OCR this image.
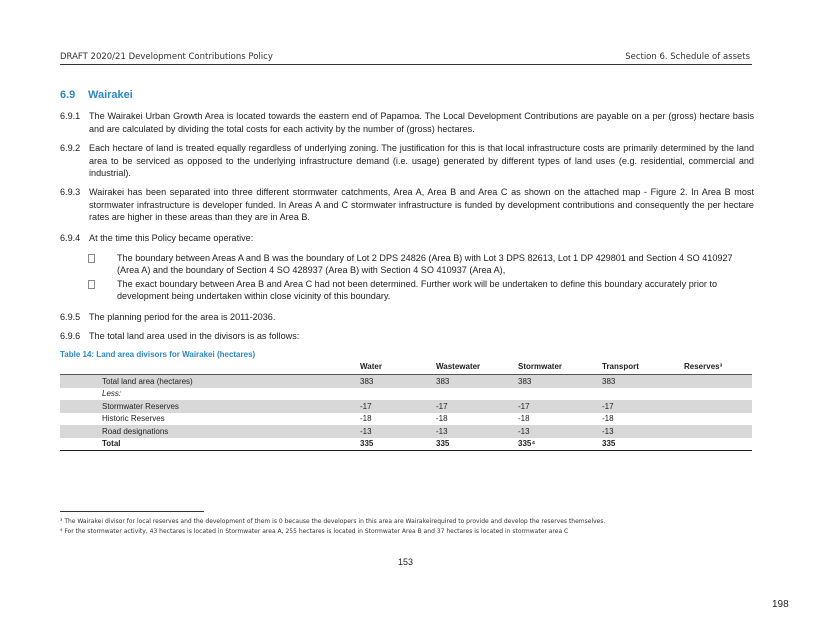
DRAFT 2020/21 Development Contributions Policy	Section 6. Schedule of assets
6.9 Wairakei
6.9.1 The Wairakei Urban Growth Area is located towards the eastern end of Papamoa. The Local Development Contributions are payable on a per (gross) hectare basis and are calculated by dividing the total costs for each activity by the number of (gross) hectares.
6.9.2 Each hectare of land is treated equally regardless of underlying zoning. The justification for this is that local infrastructure costs are primarily determined by the land area to be serviced as opposed to the underlying infrastructure demand (i.e. usage) generated by different types of land uses (e.g. residential, commercial and industrial).
6.9.3 Wairakei has been separated into three different stormwater catchments, Area A, Area B and Area C as shown on the attached map - Figure 2. In Area B most stormwater infrastructure is developer funded. In Areas A and C stormwater infrastructure is funded by development contributions and consequently the per hectare rates are higher in these areas than they are in Area B.
6.9.4 At the time this Policy became operative:
The boundary between Areas A and B was the boundary of Lot 2 DPS 24826 (Area B) with Lot 3 DPS 82613, Lot 1 DP 429801 and Section 4 SO 410927 (Area A) and the boundary of Section 4 SO 428937 (Area B) with Section 4 SO 410937 (Area A),
The exact boundary between Area B and Area C had not been determined. Further work will be undertaken to define this boundary accurately prior to development being undertaken within close vicinity of this boundary.
6.9.5 The planning period for the area is 2011-2036.
6.9.6 The total land area used in the divisors is as follows:
Table 14: Land area divisors for Wairakei (hectares)
	Water	Wastewater	Stormwater	Transport	Reserves³
Total land area (hectares)	383	383	383	383	
Less:					
Stormwater Reserves	-17	-17	-17	-17	
Historic Reserves	-18	-18	-18	-18	
Road designations	-13	-13	-13	-13	
Total	335	335	335⁴	335	
³ The Wairakei divisor for local reserves and the development of them is 0 because the developers in this area are Wairakeirequired to provide and develop the reserves themselves.
⁴ For the stormwater activity, 43 hectares is located in Stormwater area A, 255 hectares is located in Stormwater Area B and 37 hectares is located in stormwater area C
153
198
